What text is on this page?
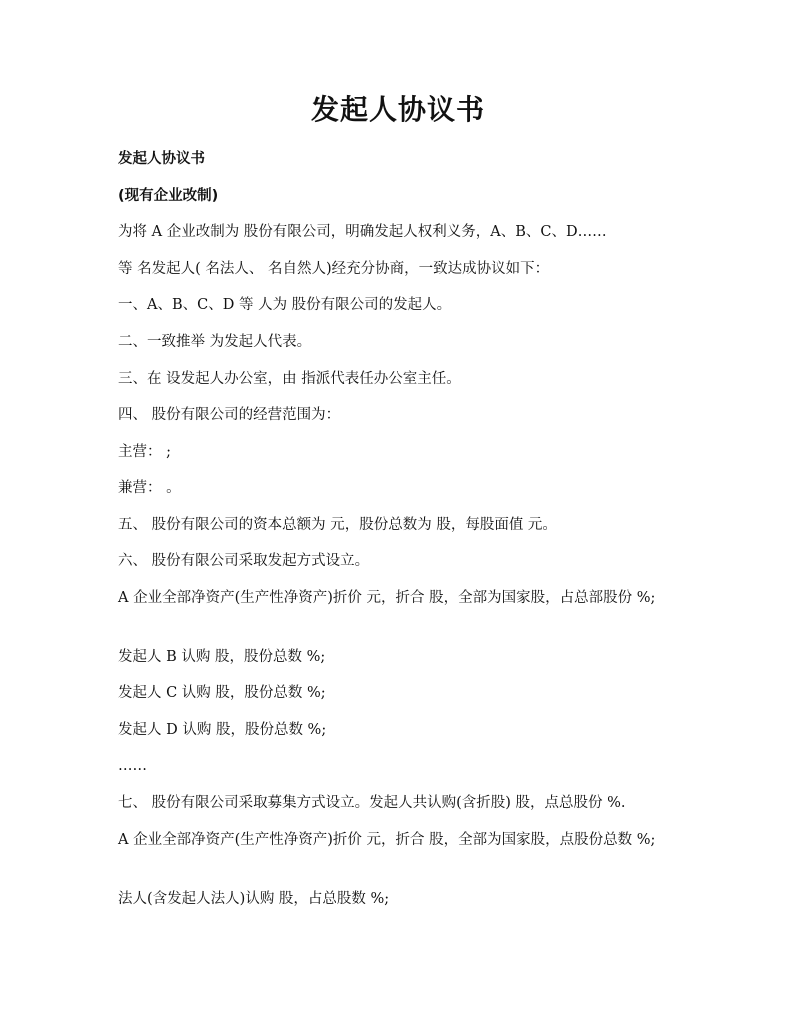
发起人协议书
发起人协议书
(现有企业改制)
为将 A 企业改制为 股份有限公司，明确发起人权利义务，A、B、C、D……
等 名发起人( 名法人、 名自然人)经充分协商，一致达成协议如下：
一、A、B、C、D 等 人为 股份有限公司的发起人。
二、一致推举 为发起人代表。
三、在 设发起人办公室，由 指派代表任办公室主任。
四、 股份有限公司的经营范围为：
主营： ;
兼营： 。
五、 股份有限公司的资本总额为 元，股份总数为 股，每股面值 元。
六、 股份有限公司采取发起方式设立。
A 企业全部净资产(生产性净资产)折价 元，折合 股，全部为国家股，占总部股份 %;
发起人 B 认购 股，股份总数 %;
发起人 C 认购 股，股份总数 %;
发起人 D 认购 股，股份总数 %;
……
七、 股份有限公司采取募集方式设立。发起人共认购(含折股) 股，点总股份 %.
A 企业全部净资产(生产性净资产)折价 元，折合 股，全部为国家股，点股份总数 %;
法人(含发起人法人)认购 股，占总股数 %;
